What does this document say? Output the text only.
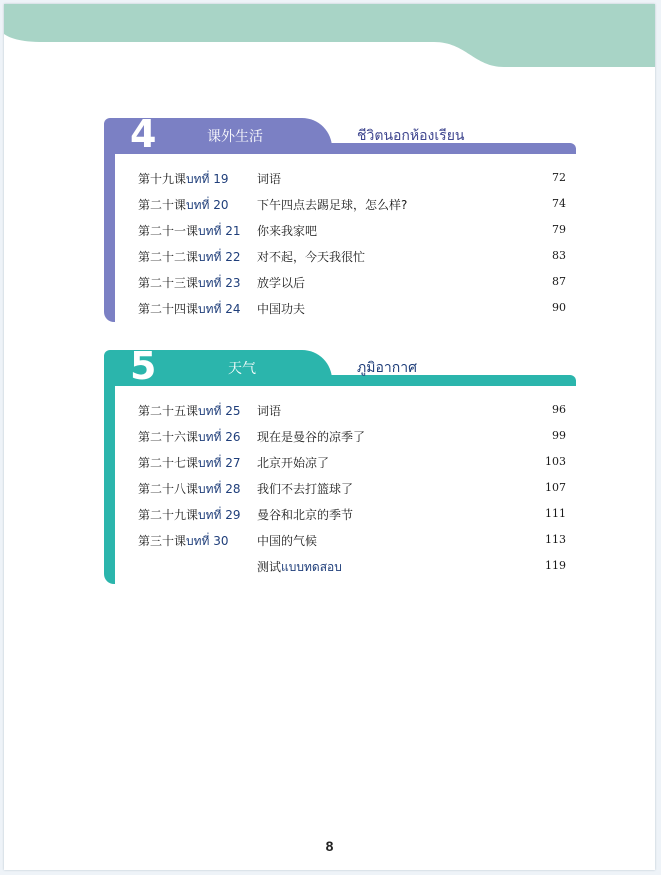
4	课外生活	ชีวิตนอกห้องเรียน
第十九课บทที่ 19 词语	72
第二十课บทที่ 20 下午四点去踢足球，怎么样?	74
第二十一课บทที่ 21 你来我家吧	79
第二十二课บทที่ 22 对不起，今天我很忙	83
第二十三课บทที่ 23 放学以后	87
第二十四课บทที่ 24 中国功夫	90
5	天气	ภูมิอากาศ
第二十五课บทที่ 25 词语	96
第二十六课บทที่ 26 现在是曼谷的凉季了	99
第二十七课บทที่ 27 北京开始凉了	103
第二十八课บทที่ 28 我们不去打篮球了	107
第二十九课บทที่ 29 曼谷和北京的季节	111
第三十课บทที่ 30 中国的气候	113
测试แบบทดสอบ	119
8
